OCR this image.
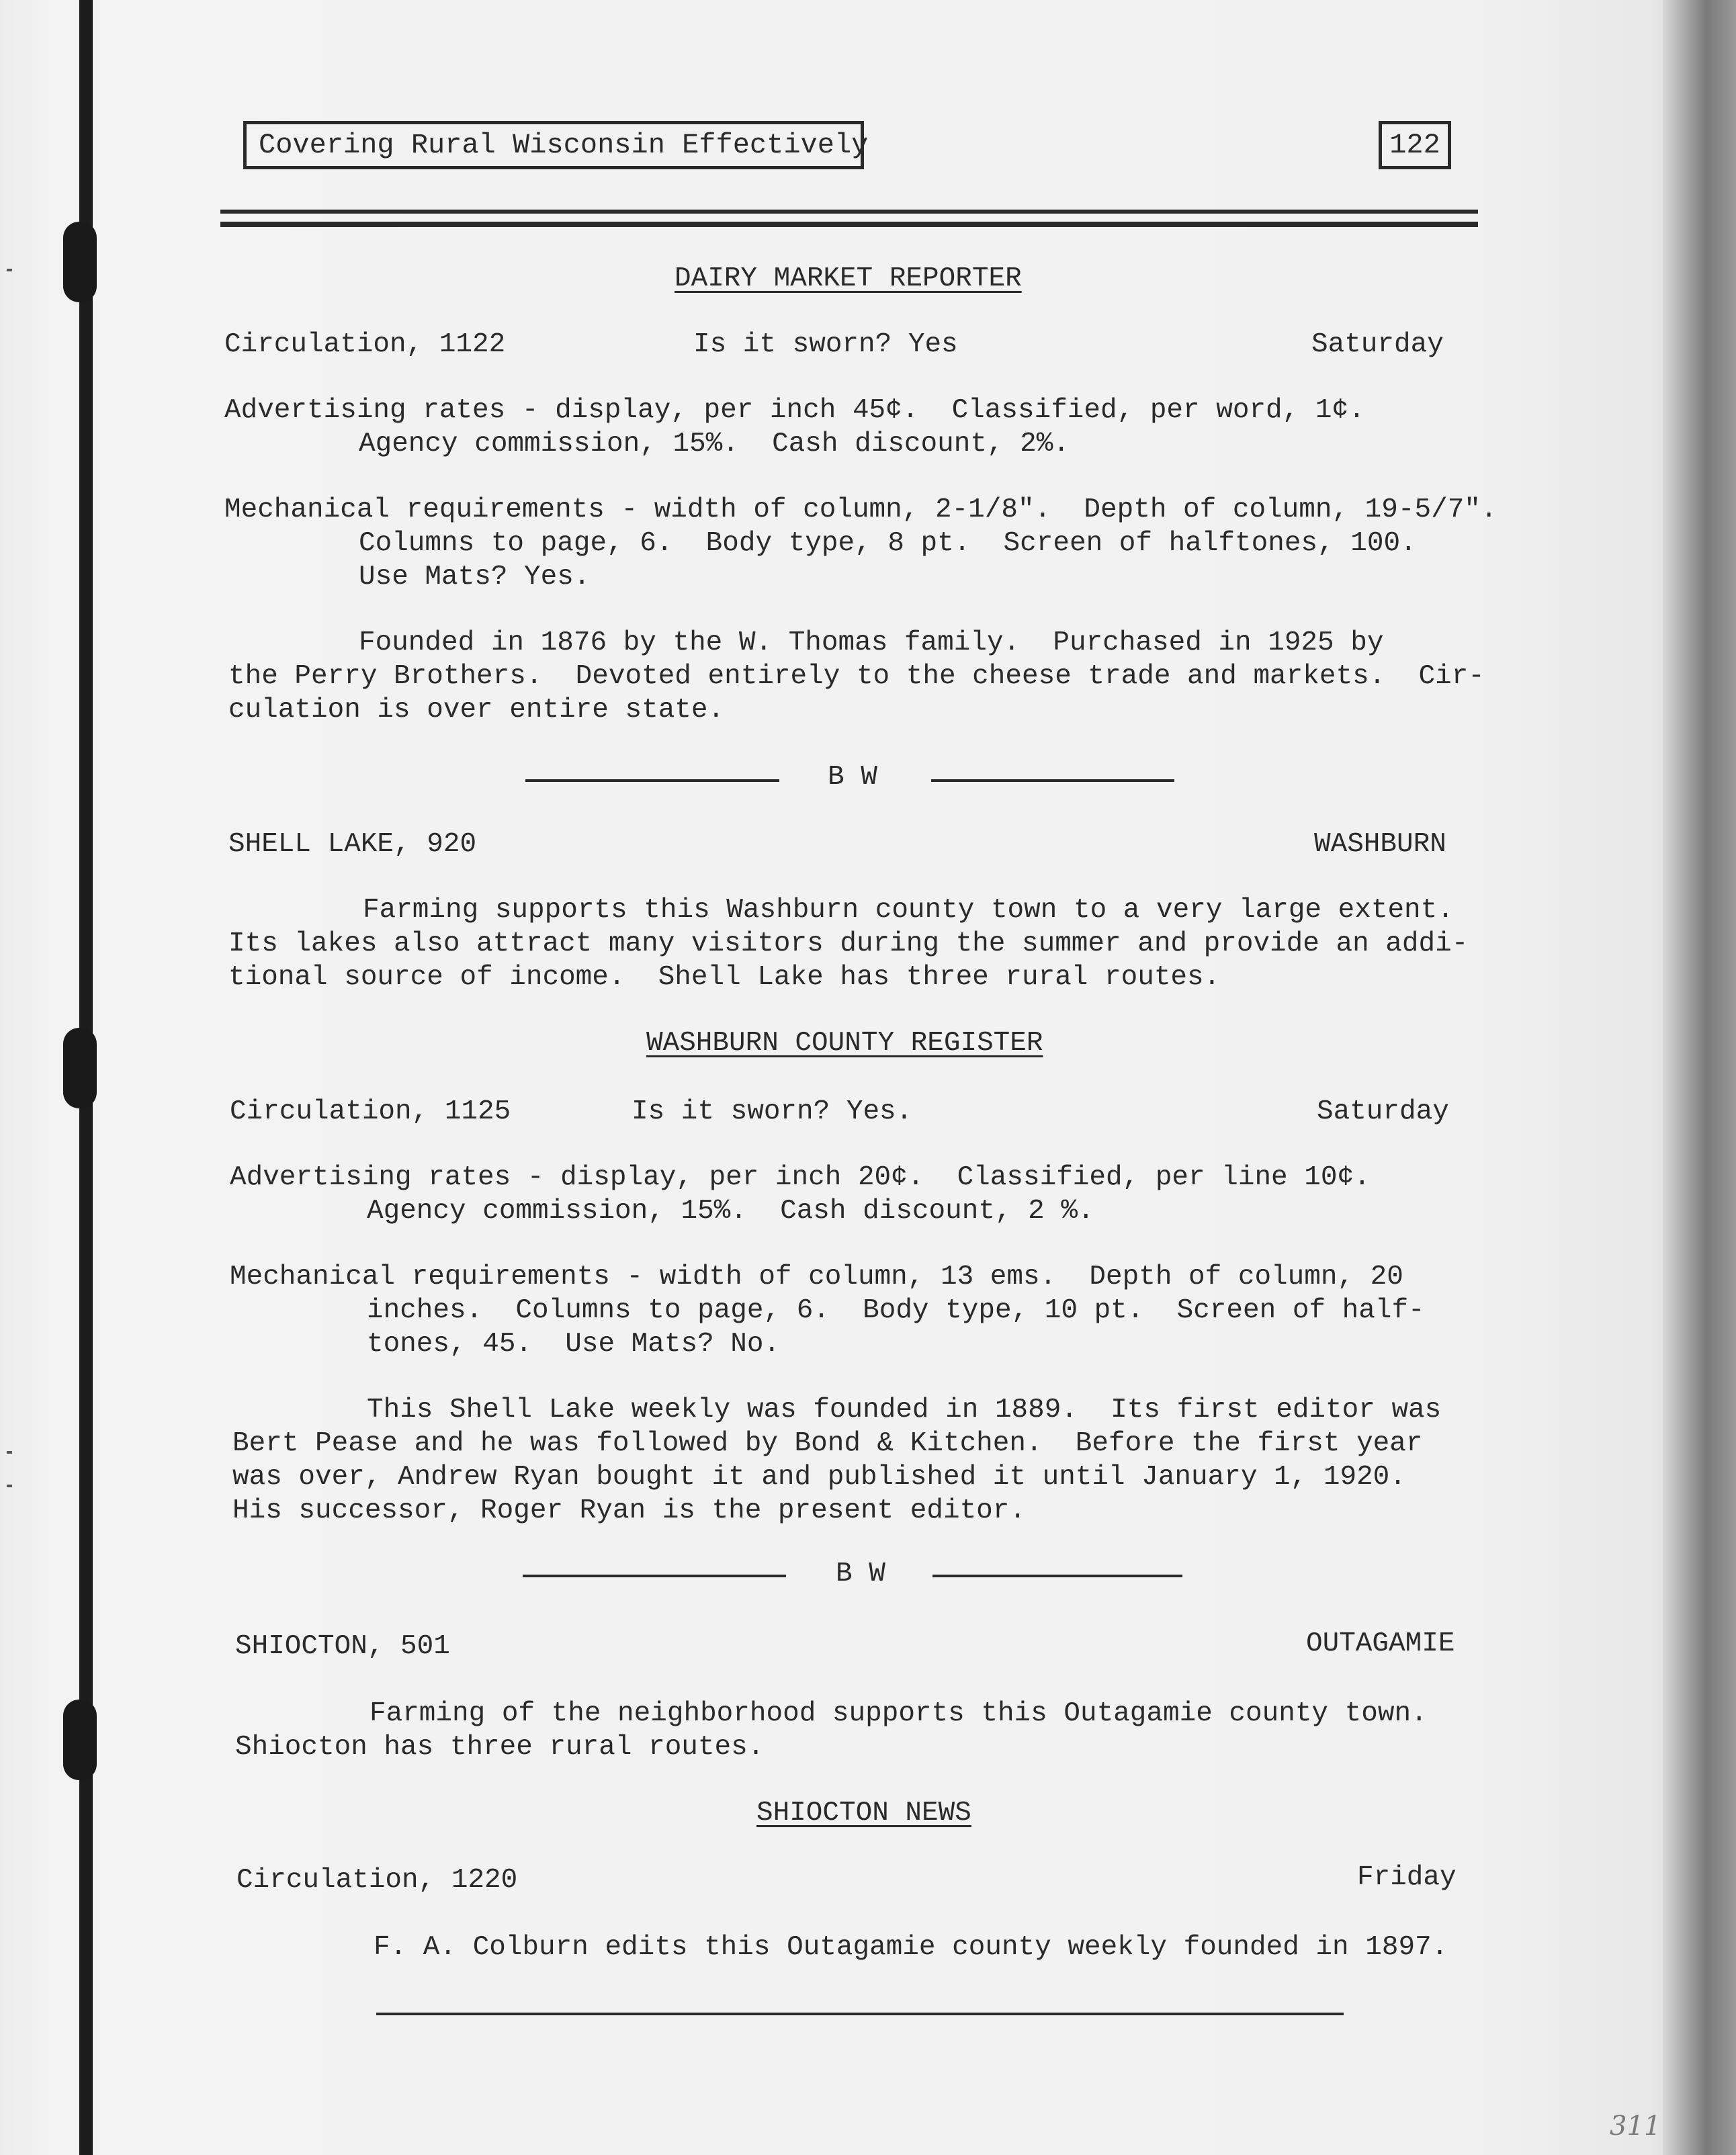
Covering Rural Wisconsin Effectively	122
DAIRY MARKET REPORTER
Circulation, 1122	Is it sworn? Yes	Saturday
Advertising rates - display, per inch 45¢.  Classified, per word, 1¢.
Agency commission, 15%.  Cash discount, 2%.
Mechanical requirements - width of column, 2-1/8".  Depth of column, 19-5/7".
Columns to page, 6.  Body type, 8 pt.  Screen of halftones, 100.
Use Mats? Yes.
Founded in 1876 by the W. Thomas family.  Purchased in 1925 by
the Perry Brothers.  Devoted entirely to the cheese trade and markets.  Cir-
culation is over entire state.
B W
SHELL LAKE, 920	WASHBURN
Farming supports this Washburn county town to a very large extent.
Its lakes also attract many visitors during the summer and provide an addi-
tional source of income.  Shell Lake has three rural routes.
WASHBURN COUNTY REGISTER
Circulation, 1125	Is it sworn? Yes.	Saturday
Advertising rates - display, per inch 20¢.  Classified, per line 10¢.
Agency commission, 15%.  Cash discount, 2 %.
Mechanical requirements - width of column, 13 ems.  Depth of column, 20
inches.  Columns to page, 6.  Body type, 10 pt.  Screen of half-
tones, 45.  Use Mats? No.
This Shell Lake weekly was founded in 1889.  Its first editor was
Bert Pease and he was followed by Bond & Kitchen.  Before the first year
was over, Andrew Ryan bought it and published it until January 1, 1920.
His successor, Roger Ryan is the present editor.
B W
SHIOCTON, 501	OUTAGAMIE
Farming of the neighborhood supports this Outagamie county town.
Shiocton has three rural routes.
SHIOCTON NEWS
Circulation, 1220	Friday
F. A. Colburn edits this Outagamie county weekly founded in 1897.
311
